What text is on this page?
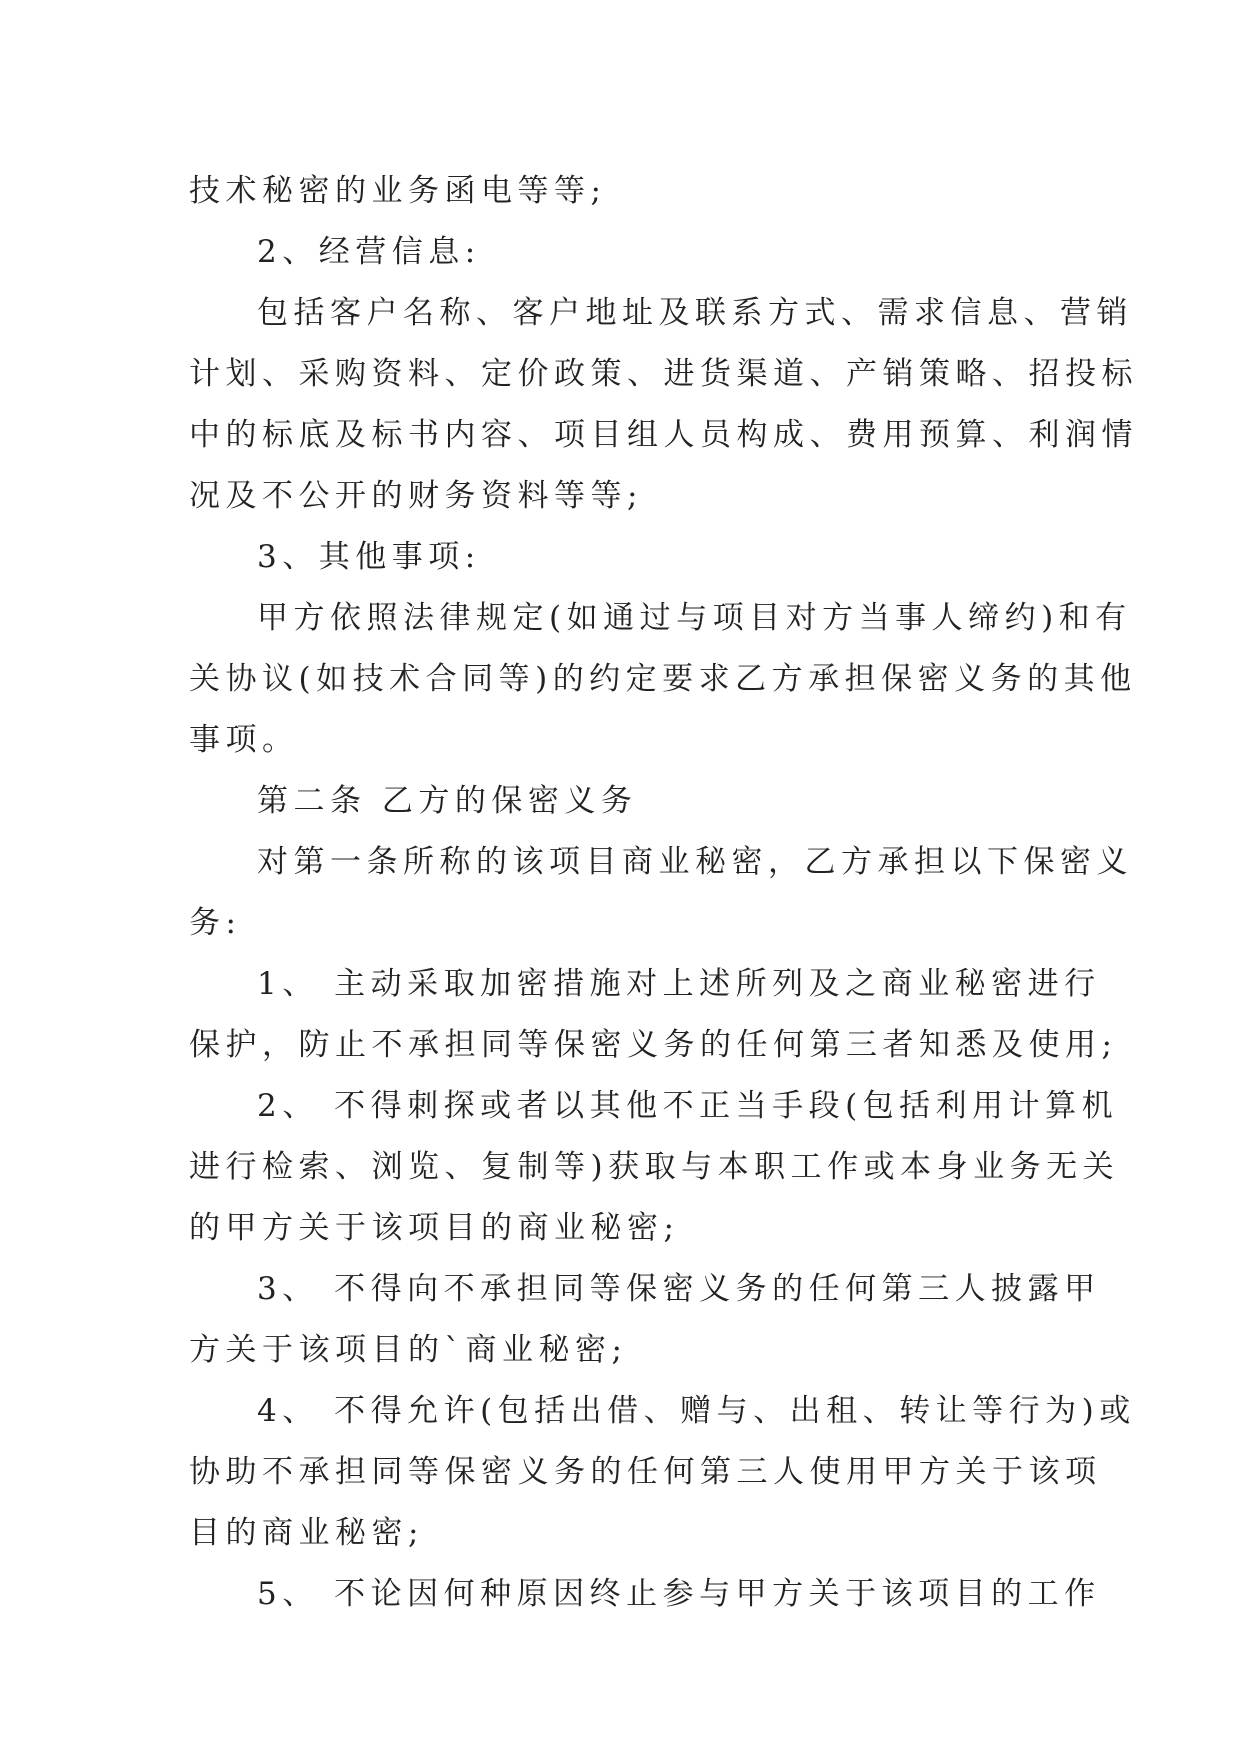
技术秘密的业务函电等等;
2、经营信息:
包括客户名称、客户地址及联系方式、需求信息、营销
计划、采购资料、定价政策、进货渠道、产销策略、招投标
中的标底及标书内容、项目组人员构成、费用预算、利润情
况及不公开的财务资料等等;
3、其他事项:
甲方依照法律规定(如通过与项目对方当事人缔约)和有
关协议(如技术合同等)的约定要求乙方承担保密义务的其他
事项。
第二条 乙方的保密义务
对第一条所称的该项目商业秘密，乙方承担以下保密义
务:
1、 主动采取加密措施对上述所列及之商业秘密进行
保护，防止不承担同等保密义务的任何第三者知悉及使用;
2、 不得刺探或者以其他不正当手段(包括利用计算机
进行检索、浏览、复制等)获取与本职工作或本身业务无关
的甲方关于该项目的商业秘密;
3、 不得向不承担同等保密义务的任何第三人披露甲
方关于该项目的`商业秘密;
4、 不得允许(包括出借、赠与、出租、转让等行为)或
协助不承担同等保密义务的任何第三人使用甲方关于该项
目的商业秘密;
5、 不论因何种原因终止参与甲方关于该项目的工作
